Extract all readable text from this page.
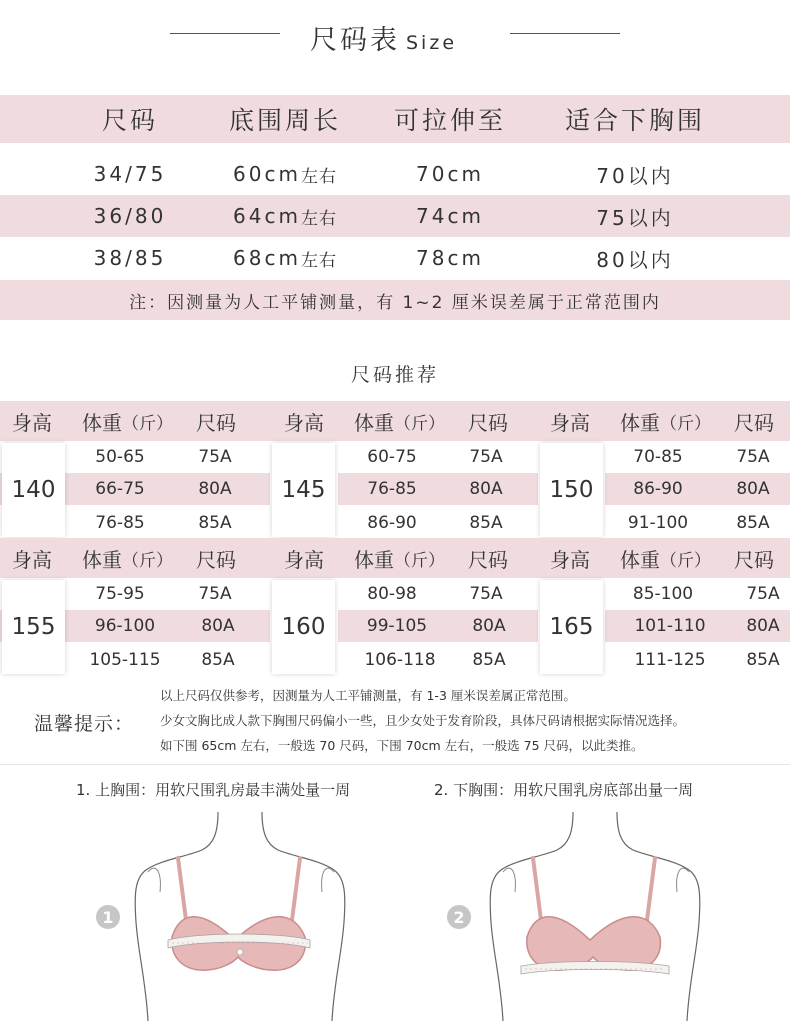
尺码表 Size
尺码	底围周长	可拉伸至	适合下胸围
34/75	60cm 左右	70cm	70以内
36/80	64cm 左右	74cm	75以内
38/85	68cm 左右	78cm	80以内
注：因测量为人工平铺测量，有 1~2 厘米误差属于正常范围内
尺码推荐
身高 体重 （斤） 尺码 身高 体重 （斤） 尺码 身高 体重 （斤） 尺码
140
50-65	75A
66-75	80A
76-85	85A
145
60-75	75A
76-85	80A
86-90	85A
150
70-85	75A
86-90	80A
91-100	85A
身高 体重 （斤） 尺码 身高 体重 （斤） 尺码 身高 体重 （斤） 尺码
155
75-95	75A
96-100	80A
105-115	85A
160
80-98	75A
99-105	80A
106-118	85A
165
85-100	75A
101-110	80A
111-125	85A
温馨提示：
以上尺码仅供参考，因测量为人工平铺测量，有 1-3 厘米误差属正常范围。
少女文胸比成人款下胸围尺码偏小一些，且少女处于发育阶段，具体尺码请根据实际情况选择。
如下围 65cm 左右，一般选 70 尺码，下围 70cm 左右，一般选 75 尺码，以此类推。
1. 上胸围：用软尺围乳房最丰满处量一周	2. 下胸围：用软尺围乳房底部出量一周
1	2
